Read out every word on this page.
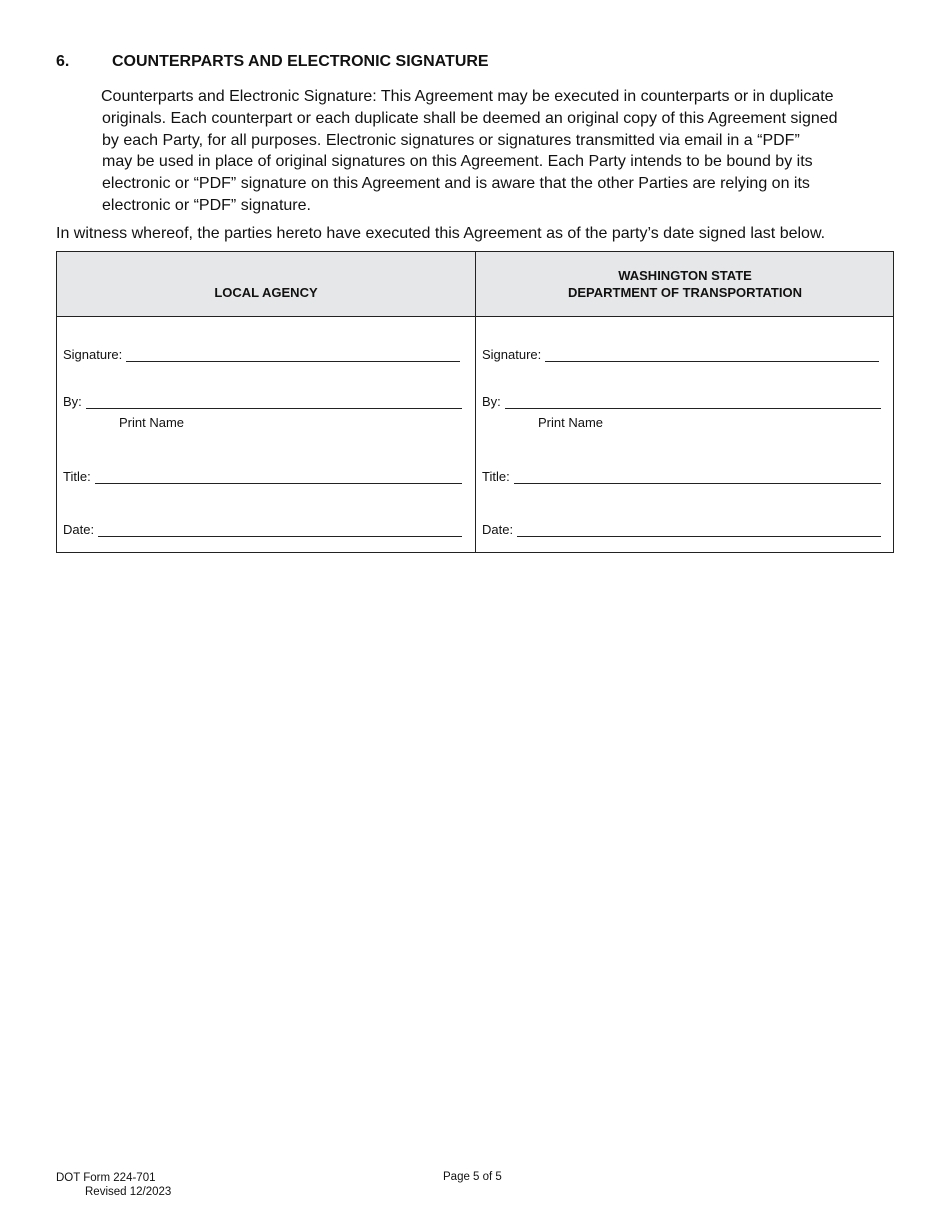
6.	COUNTERPARTS AND ELECTRONIC SIGNATURE
Counterparts and Electronic Signature: This Agreement may be executed in counterparts or in duplicate
originals. Each counterpart or each duplicate shall be deemed an original copy of this Agreement signed
by each Party, for all purposes. Electronic signatures or signatures transmitted via email in a “PDF”
may be used in place of original signatures on this Agreement. Each Party intends to be bound by its
electronic or “PDF” signature on this Agreement and is aware that the other Parties are relying on its
electronic or “PDF” signature.
In witness whereof, the parties hereto have executed this Agreement as of the party’s date signed last below.
LOCAL AGENCY
WASHINGTON STATE
DEPARTMENT OF TRANSPORTATION
Signature:
By:
Print Name
Title:
Date:
Signature:
By:
Print Name
Title:
Date:
DOT Form 224-701
Revised 12/2023
Page 5 of 5
